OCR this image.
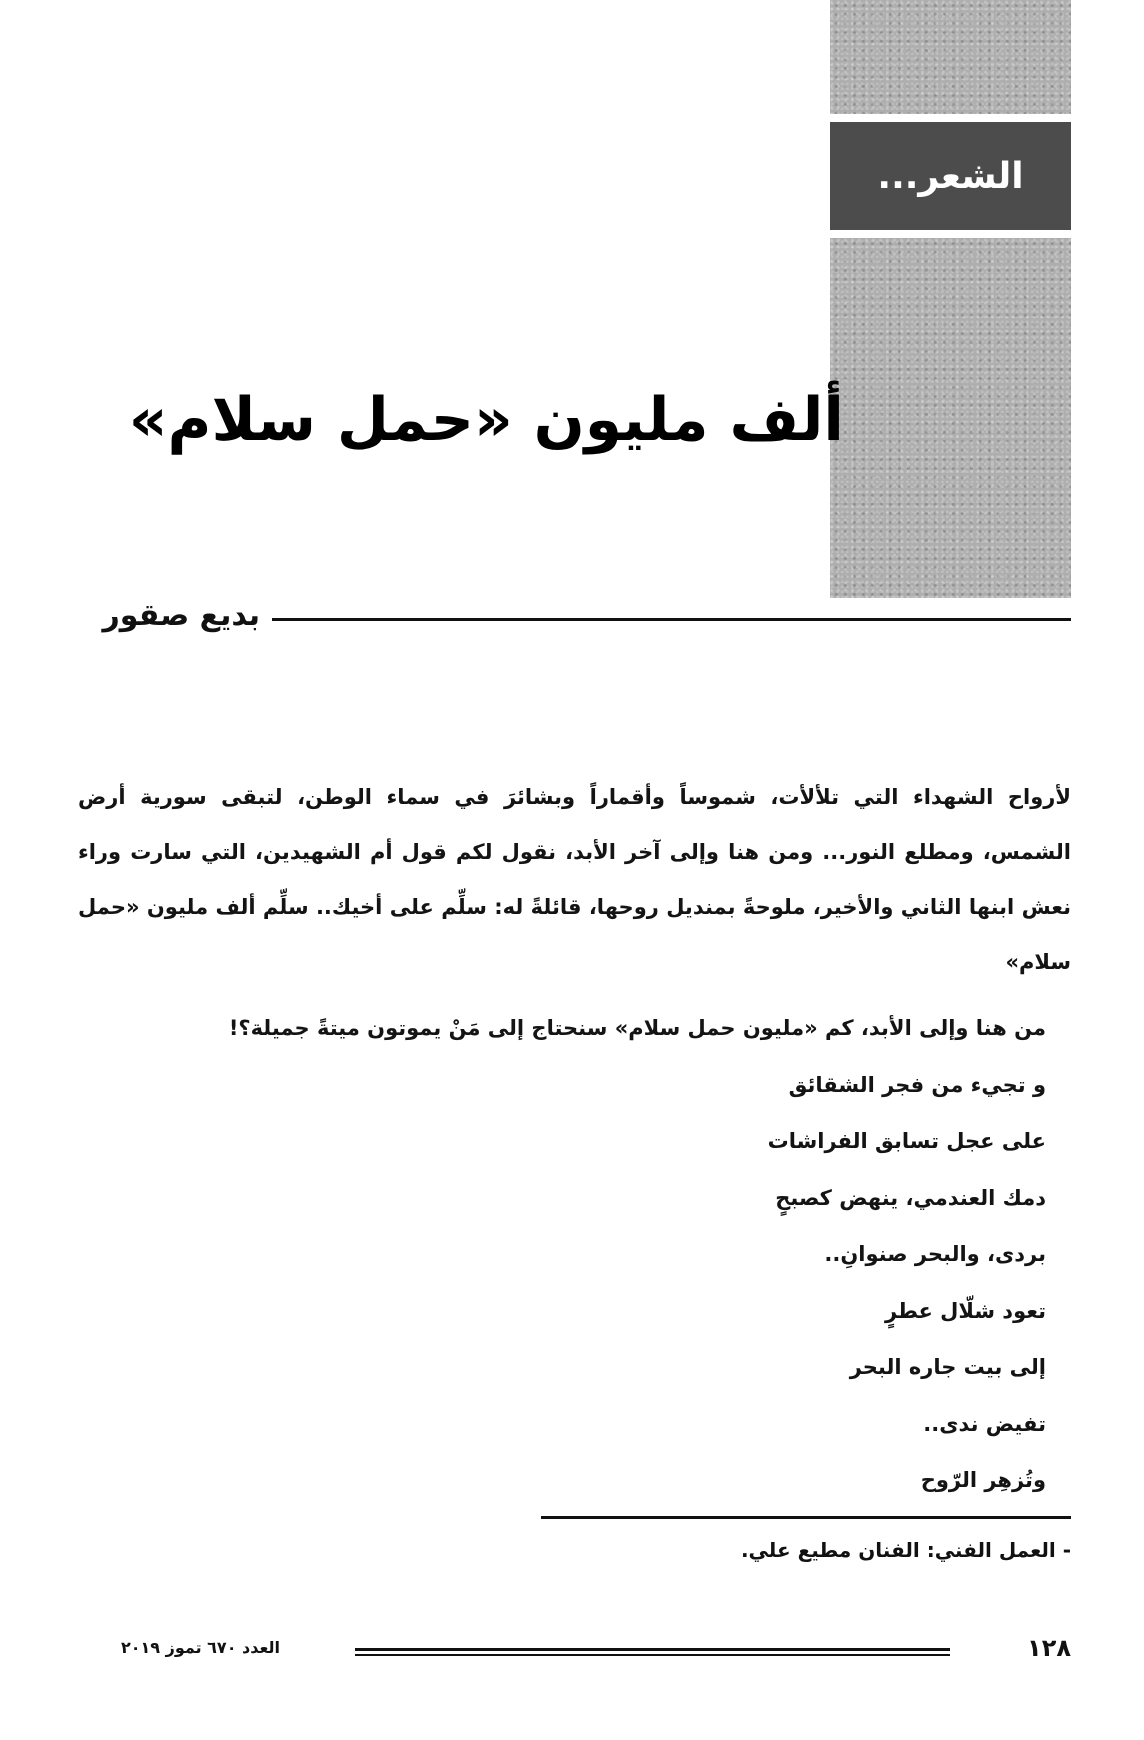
الشعر...
ألف مليون «حمل سلام»
بديع صقور
لأرواح الشهداء التي تلألأت، شموساً وأقماراً وبشائرَ في سماء الوطن، لتبقى سورية أرض الشمس، ومطلع النور... ومن هنا وإلى آخر الأبد، نقول لكم قول أم الشهيدين، التي سارت وراء نعش ابنها الثاني والأخير، ملوحةً بمنديل روحها، قائلةً له: سلِّم على أخيك.. سلِّم ألف مليون «حمل سلام»
من هنا وإلى الأبد، كم «مليون حمل سلام» سنحتاج إلى مَنْ يموتون ميتةً جميلة؟!
و تجيء من فجر الشقائق
على عجل تسابق الفراشات
دمك العندمي، ينهض كصبحٍ
بردى، والبحر صنوانِ..
تعود شلّال عطرٍ
إلى بيت جاره البحر
تفيض ندى..
وتُزهِر الرّوح
- العمل الفني: الفنان مطيع علي.
١٢٨
العدد ٦٧٠ تموز ٢٠١٩
